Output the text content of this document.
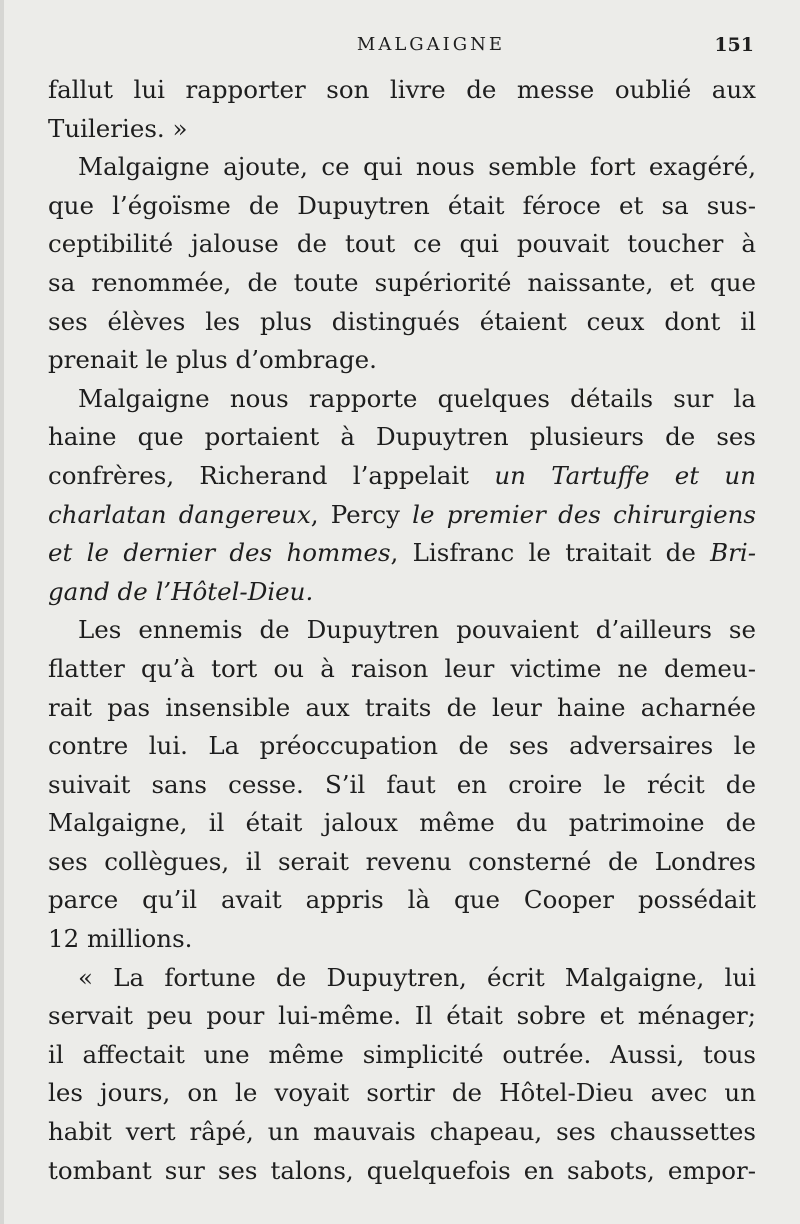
MALGAIGNE	151
fallut lui rapporter son livre de messe oublié aux
Tuileries. »
Malgaigne ajoute, ce qui nous semble fort exagéré,
que l’égoïsme de Dupuytren était féroce et sa sus-
ceptibilité jalouse de tout ce qui pouvait toucher à
sa renommée, de toute supériorité naissante, et que
ses élèves les plus distingués étaient ceux dont il
prenait le plus d’ombrage.
Malgaigne nous rapporte quelques détails sur la
haine que portaient à Dupuytren plusieurs de ses
confrères, Richerand l’appelait un Tartuffe et un
charlatan dangereux, Percy le premier des chirurgiens
et le dernier des hommes, Lisfranc le traitait de Bri-
gand de l’Hôtel-Dieu.
Les ennemis de Dupuytren pouvaient d’ailleurs se
flatter qu’à tort ou à raison leur victime ne demeu-
rait pas insensible aux traits de leur haine acharnée
contre lui. La préoccupation de ses adversaires le
suivait sans cesse. S’il faut en croire le récit de
Malgaigne, il était jaloux même du patrimoine de
ses collègues, il serait revenu consterné de Londres
parce qu’il avait appris là que Cooper possédait
12 millions.
« La fortune de Dupuytren, écrit Malgaigne, lui
servait peu pour lui-même. Il était sobre et ménager;
il affectait une même simplicité outrée. Aussi, tous
les jours, on le voyait sortir de Hôtel-Dieu avec un
habit vert râpé, un mauvais chapeau, ses chaussettes
tombant sur ses talons, quelquefois en sabots, empor-
